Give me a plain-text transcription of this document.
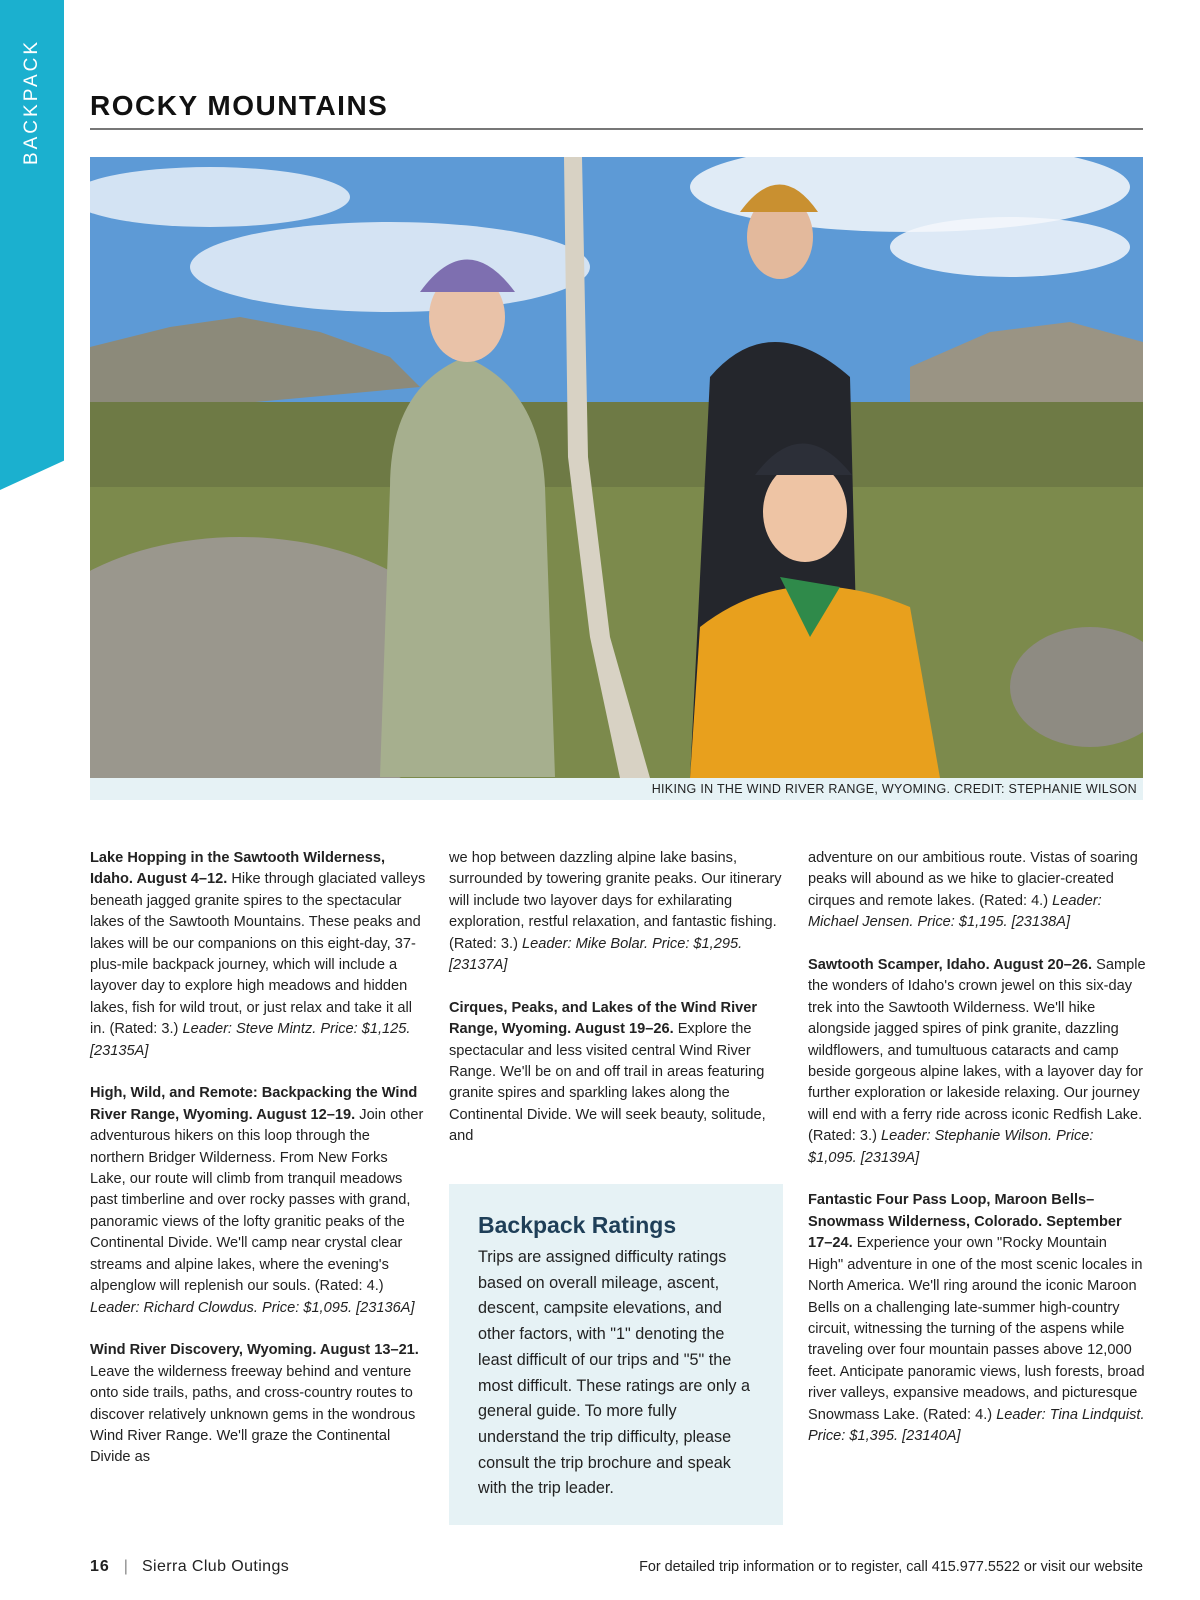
BACKPACK ROCKY MOUNTAINS
HIKING IN THE WIND RIVER RANGE, WYOMING. CREDIT: STEPHANIE WILSON

Lake Hopping in the Sawtooth Wilderness, Idaho. August 4–12. Hike through glaciated valleys beneath jagged granite spires to the spectacular lakes of the Sawtooth Mountains. These peaks and lakes will be our companions on this eight-day, 37-plus-mile backpack journey, which will include a layover day to explore high meadows and hidden lakes, fish for wild trout, or just relax and take it all in. (Rated: 3.) Leader: Steve Mintz. Price: $1,125. [23135A]

High, Wild, and Remote: Backpacking the Wind River Range, Wyoming. August 12–19. Join other adventurous hikers on this loop through the northern Bridger Wilderness. From New Forks Lake, our route will climb from tranquil meadows past timberline and over rocky passes with grand, panoramic views of the lofty granitic peaks of the Continental Divide. We'll camp near crystal clear streams and alpine lakes, where the evening's alpenglow will replenish our souls. (Rated: 4.) Leader: Richard Clowdus. Price: $1,095. [23136A]

Wind River Discovery, Wyoming. August 13–21. Leave the wilderness freeway behind and venture onto side trails, paths, and cross-country routes to discover relatively unknown gems in the wondrous Wind River Range. We'll graze the Continental Divide as

we hop between dazzling alpine lake basins, surrounded by towering granite peaks. Our itinerary will include two layover days for exhilarating exploration, restful relaxation, and fantastic fishing. (Rated: 3.) Leader: Mike Bolar. Price: $1,295. [23137A]

Cirques, Peaks, and Lakes of the Wind River Range, Wyoming. August 19–26. Explore the spectacular and less visited central Wind River Range. We'll be on and off trail in areas featuring granite spires and sparkling lakes along the Continental Divide. We will seek beauty, solitude, and

Backpack Ratings
Trips are assigned difficulty ratings based on overall mileage, ascent, descent, campsite elevations, and other factors, with "1" denoting the least difficult of our trips and "5" the most difficult. These ratings are only a general guide. To more fully understand the trip difficulty, please consult the trip brochure and speak with the trip leader.

adventure on our ambitious route. Vistas of soaring peaks will abound as we hike to glacier-created cirques and remote lakes. (Rated: 4.) Leader: Michael Jensen. Price: $1,195. [23138A]

Sawtooth Scamper, Idaho. August 20–26. Sample the wonders of Idaho's crown jewel on this six-day trek into the Sawtooth Wilderness. We'll hike alongside jagged spires of pink granite, dazzling wildflowers, and tumultuous cataracts and camp beside gorgeous alpine lakes, with a layover day for further exploration or lakeside relaxing. Our journey will end with a ferry ride across iconic Redfish Lake. (Rated: 3.) Leader: Stephanie Wilson. Price: $1,095. [23139A]

Fantastic Four Pass Loop, Maroon Bells–Snowmass Wilderness, Colorado. September 17–24. Experience your own "Rocky Mountain High" adventure in one of the most scenic locales in North America. We'll ring around the iconic Maroon Bells on a challenging late-summer high-country circuit, witnessing the turning of the aspens while traveling over four mountain passes above 12,000 feet. Anticipate panoramic views, lush forests, broad river valleys, expansive meadows, and picturesque Snowmass Lake. (Rated: 4.) Leader: Tina Lindquist. Price: $1,395. [23140A]

16 | Sierra Club Outings	For detailed trip information or to register, call 415.977.5522 or visit our website
